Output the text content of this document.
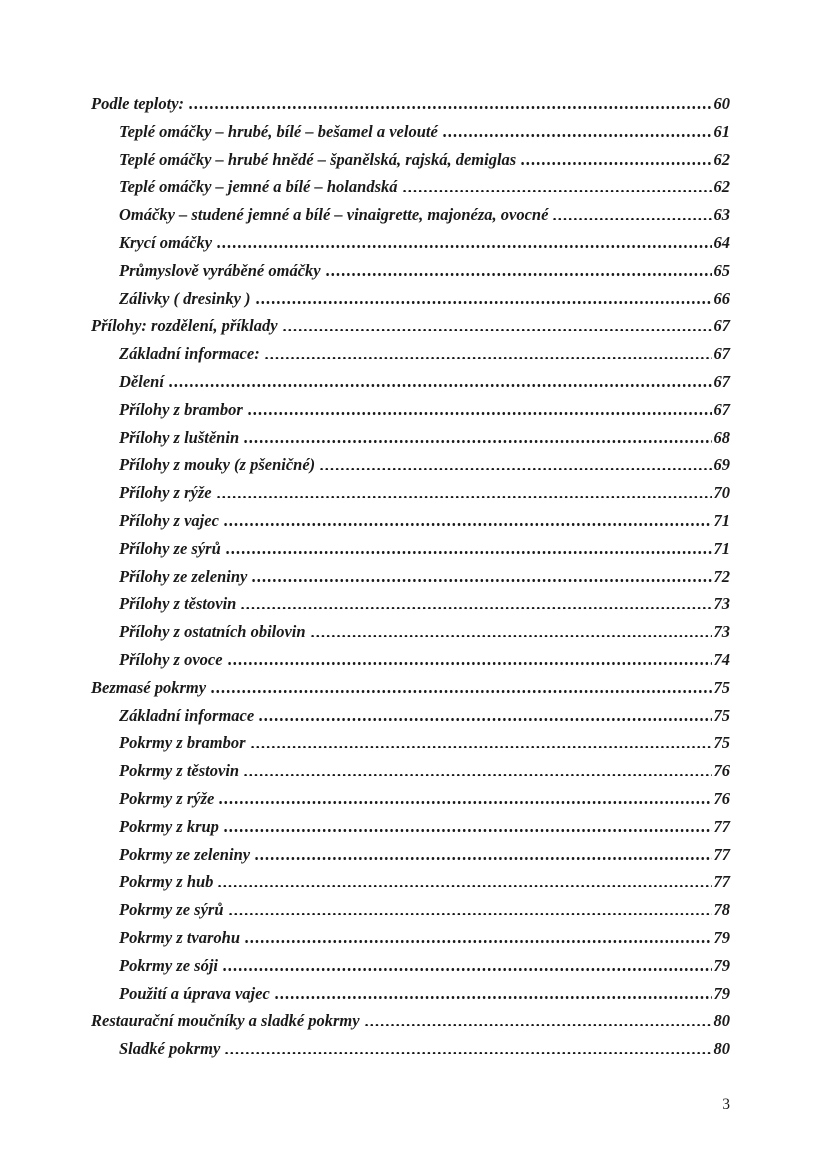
Podle teploty:	60
Teplé omáčky – hrubé, bílé – bešamel a velouté	61
Teplé omáčky – hrubé hnědé – španělská, rajská, demiglas	62
Teplé omáčky – jemné a bílé – holandská	62
Omáčky – studené jemné a bílé – vinaigrette, majonéza, ovocné	63
Krycí omáčky	64
Průmyslově vyráběné omáčky	65
Zálivky ( dresinky )	66
Přílohy: rozdělení, příklady	67
Základní informace:	67
Dělení	67
Přílohy z brambor	67
Přílohy z luštěnin	68
Přílohy z mouky (z pšeničné)	69
Přílohy z rýže	70
Přílohy z vajec	71
Přílohy ze sýrů	71
Přílohy ze zeleniny	72
Přílohy z těstovin	73
Přílohy z ostatních obilovin	73
Přílohy z ovoce	74
Bezmasé pokrmy	75
Základní informace	75
Pokrmy z brambor	75
Pokrmy z těstovin	76
Pokrmy z rýže	76
Pokrmy z krup	77
Pokrmy ze zeleniny	77
Pokrmy z hub	77
Pokrmy ze sýrů	78
Pokrmy z tvarohu	79
Pokrmy ze sóji	79
Použití a úprava vajec	79
Restaurační moučníky a sladké pokrmy	80
Sladké pokrmy	80
3
